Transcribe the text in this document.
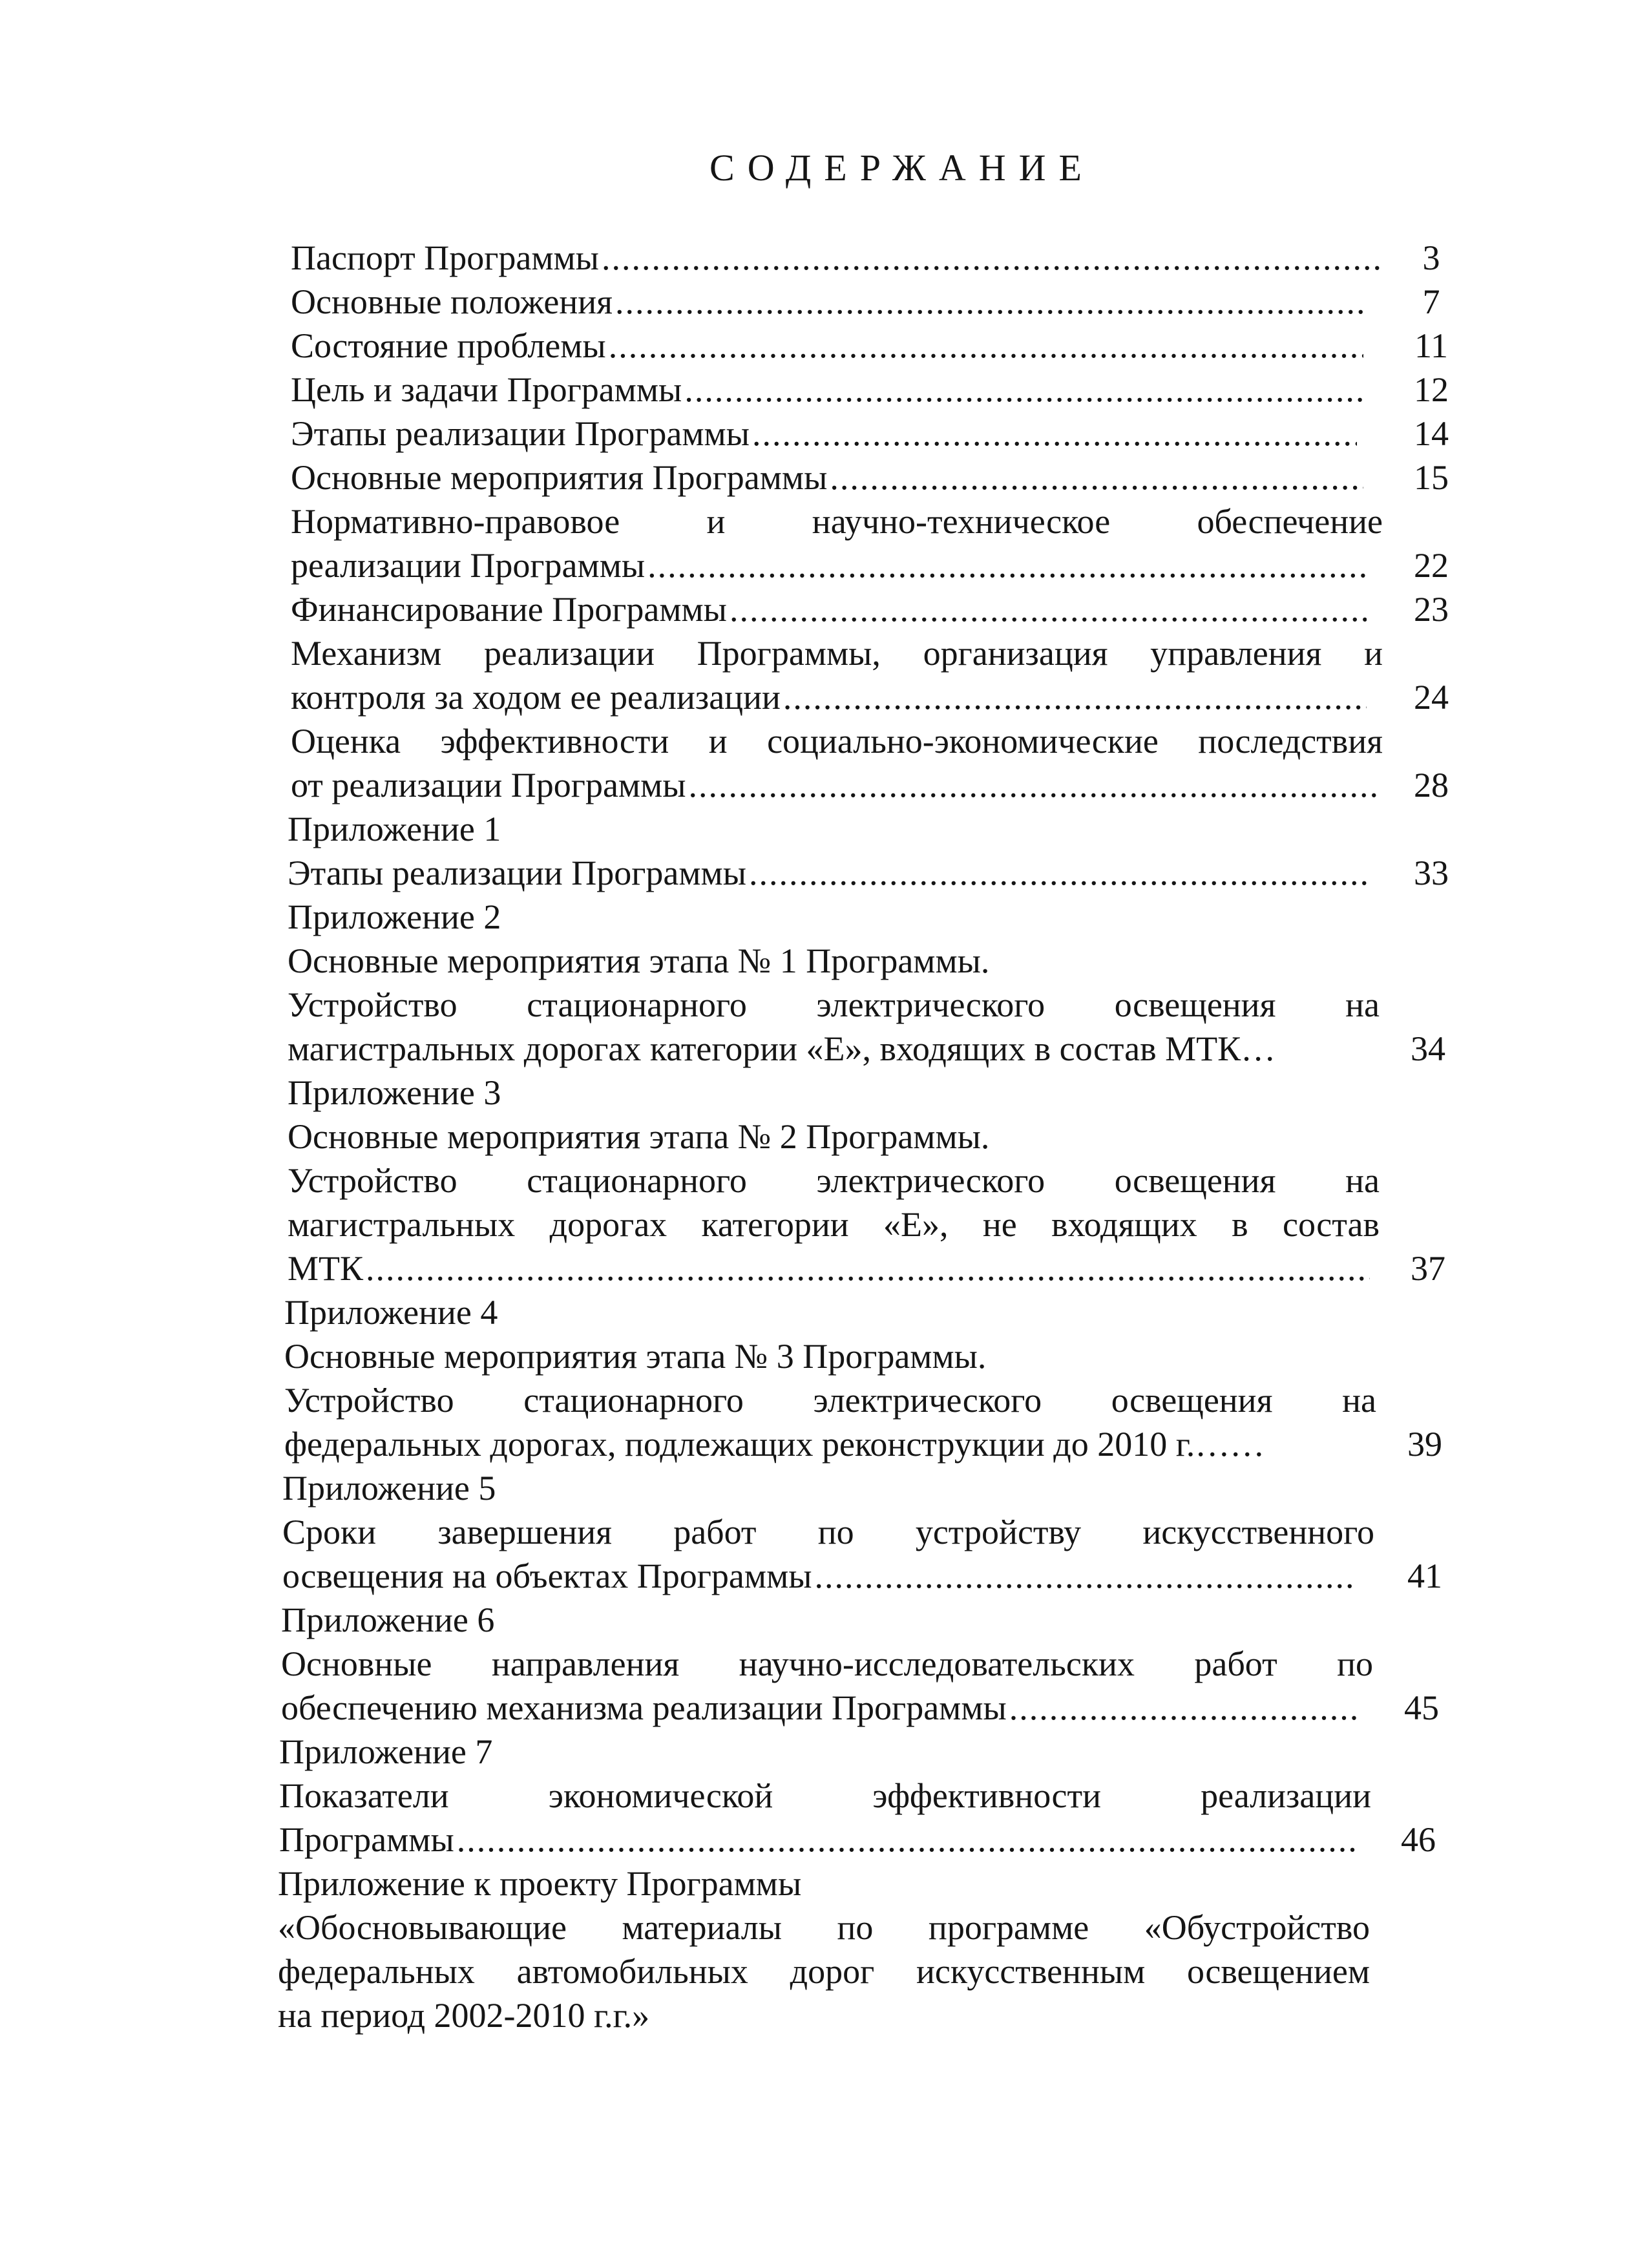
СОДЕРЖАНИЕ
Паспорт Программы
.....
Основные положения
.....
Состояние проблемы
.....
Цель и задачи Программы
.....
Этапы реализации Программы
.....
Основные мероприятия Программы
.....
Нормативно-правовое и научно-техническое обеспечение
реализации Программы
.....
Финансирование Программы
.....
Механизм реализации Программы, организация управления и
контроля за ходом ее реализации
.....
Оценка эффективности и социально-экономические последствия
от реализации Программы
.....
Приложение 1
Этапы реализации Программы
.....
Приложение 2
Основные мероприятия этапа № 1 Программы.
Устройство стационарного электрического освещения на
магистральных дорогах категории «Е», входящих в состав МТК…
Приложение 3
Основные мероприятия этапа № 2 Программы.
Устройство стационарного электрического освещения на
магистральных дорогах категории «Е», не входящих в состав
МТК
.....
Приложение 4
Основные мероприятия этапа № 3 Программы.
Устройство стационарного электрического освещения на
федеральных дорогах, подлежащих реконструкции до 2010 г.……
Приложение 5
Сроки завершения работ по устройству искусственного
освещения на объектах Программы
.....
Приложение 6
Основные направления научно-исследовательских работ по
обеспечению механизма реализации Программы
.....
Приложение 7
Показатели экономической эффективности реализации
Программы
.....
Приложение к проекту Программы
«Обосновывающие материалы по программе «Обустройство
федеральных автомобильных дорог искусственным освещением
на период 2002-2010 г.г.»
3
7
11
12
14
15
22
23
24
28
33
34
37
39
41
45
46
